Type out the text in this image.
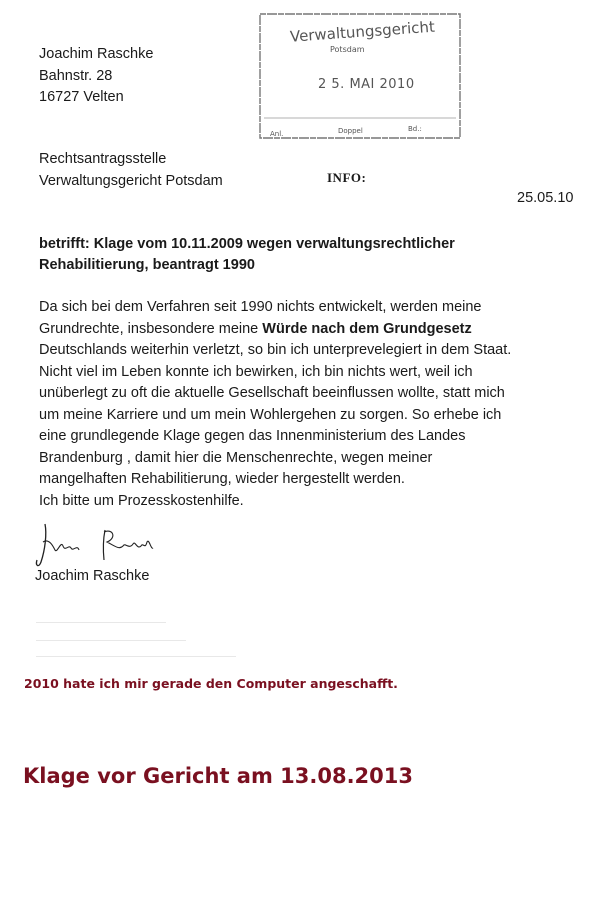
Verwaltungsgericht
Potsdam
2 5. MAI 2010
Anl.	Doppel	Bd.:
Joachim Raschke
Bahnstr. 28
16727 Velten
Rechtsantragsstelle
Verwaltungsgericht Potsdam	INFO:
25.05.10
betrifft: Klage vom 10.11.2009 wegen verwaltungsrechtlicher
Rehabilitierung, beantragt 1990

Da sich bei dem Verfahren seit 1990 nichts entwickelt, werden meine

Grundrechte, insbesondere meine Würde nach dem Grundgesetz

Deutschlands weiterhin verletzt, so bin ich unterprevelegiert in dem Staat.

Nicht viel im Leben konnte ich bewirken, ich bin nichts wert, weil ich

unüberlegt zu oft die aktuelle Gesellschaft beeinflussen wollte, statt mich

um meine Karriere und um mein Wohlergehen zu sorgen. So erhebe ich

eine grundlegende Klage gegen das Innenministerium des Landes

Brandenburg , damit hier die Menschenrechte, wegen meiner

mangelhaften Rehabilitierung, wieder hergestellt werden.

Ich bitte um Prozesskostenhilfe.

Joachim Raschke
2010 hate ich mir gerade den Computer angeschafft.
Klage vor Gericht am 13.08.2013
